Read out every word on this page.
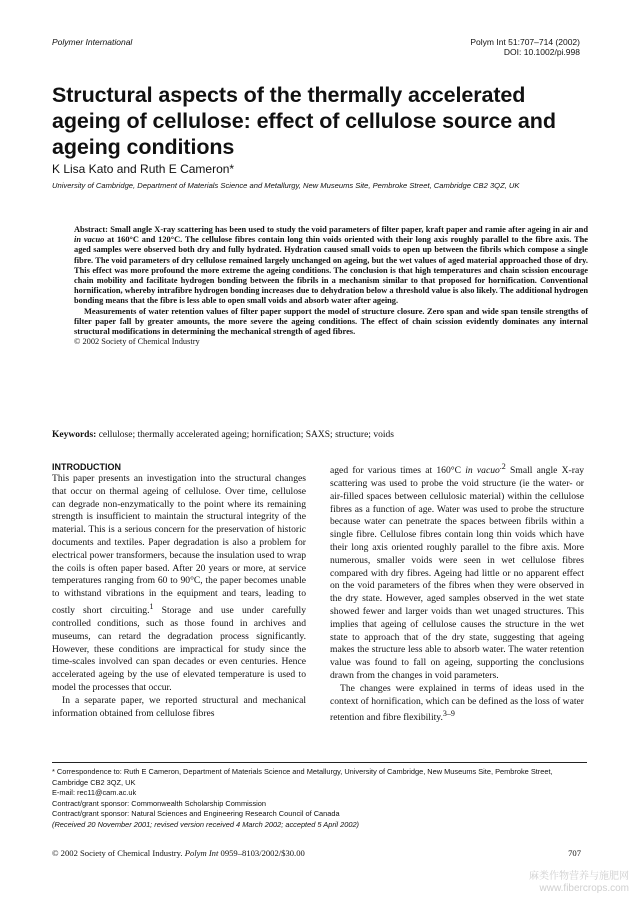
Polymer International	Polym Int 51:707–714 (2002)
DOI: 10.1002/pi.998
Structural aspects of the thermally accelerated ageing of cellulose: effect of cellulose source and ageing conditions
K Lisa Kato and Ruth E Cameron*
University of Cambridge, Department of Materials Science and Metallurgy, New Museums Site, Pembroke Street, Cambridge CB2 3QZ, UK

Abstract: Small angle X-ray scattering has been used to study the void parameters of filter paper, kraft paper and ramie after ageing in air and in vacuo at 160°C and 120°C. The cellulose fibres contain long thin voids oriented with their long axis roughly parallel to the fibre axis. The aged samples were observed both dry and fully hydrated. Hydration caused small voids to open up between the fibrils which compose a single fibre. The void parameters of dry cellulose remained largely unchanged on ageing, but the wet values of aged material approached those of dry. This effect was more profound the more extreme the ageing conditions. The conclusion is that high temperatures and chain scission encourage chain mobility and facilitate hydrogen bonding between the fibrils in a mechanism similar to that proposed for hornification. Conventional hornification, whereby intrafibre hydrogen bonding increases due to dehydration below a threshold value is also likely. The additional hydrogen bonding means that the fibre is less able to open small voids and absorb water after ageing.

Measurements of water retention values of filter paper support the model of structure closure. Zero span and wide span tensile strengths of filter paper fall by greater amounts, the more severe the ageing conditions. The effect of chain scission evidently dominates any internal structural modifications in determining the mechanical strength of aged fibres.

© 2002 Society of Chemical Industry

Keywords: cellulose; thermally accelerated ageing; hornification; SAXS; structure; voids
INTRODUCTION

This paper presents an investigation into the structural changes that occur on thermal ageing of cellulose. Over time, cellulose can degrade non-enzymatically to the point where its remaining strength is insufficient to maintain the structural integrity of the material. This is a serious concern for the preservation of historic documents and textiles. Paper degradation is also a problem for electrical power transformers, because the insulation used to wrap the coils is often paper based. After 20 years or more, at service temperatures ranging from 60 to 90°C, the paper becomes unable to withstand vibrations in the equipment and tears, leading to costly short circuiting.$^1$ Storage and use under carefully controlled conditions, such as those found in archives and museums, can retard the degradation process significantly. However, these conditions are impractical for study since the time-scales involved can span decades or even centuries. Hence accelerated ageing by the use of elevated temperature is used to model the processes that occur.

In a separate paper, we reported structural and mechanical information obtained from cellulose fibres

aged for various times at 160°C in vacuo$^{.2}$ Small angle X-ray scattering was used to probe the void structure (ie the water- or air-filled spaces between cellulosic material) within the cellulose fibres as a function of age. Water was used to probe the structure because water can penetrate the spaces between fibrils within a single fibre. Cellulose fibres contain long thin voids which have their long axis oriented roughly parallel to the fibre axis. More numerous, smaller voids were seen in wet cellulose fibres compared with dry fibres. Ageing had little or no apparent effect on the void parameters of the fibres when they were observed in the dry state. However, aged samples observed in the wet state showed fewer and larger voids than wet unaged structures. This implies that ageing of cellulose causes the structure in the wet state to approach that of the dry state, suggesting that ageing makes the structure less able to absorb water. The water retention value was found to fall on ageing, supporting the conclusions drawn from the changes in void parameters.

The changes were explained in terms of ideas used in the context of hornification, which can be defined as the loss of water retention and fibre flexibility.$^{3-9}$

* Correspondence to: Ruth E Cameron, Department of Materials Science and Metallurgy, University of Cambridge, New Museums Site, Pembroke Street, Cambridge CB2 3QZ, UK
E-mail: rec11@cam.ac.uk
Contract/grant sponsor: Commonwealth Scholarship Commission
Contract/grant sponsor: Natural Sciences and Engineering Research Council of Canada
(Received 20 November 2001; revised version received 4 March 2002; accepted 5 April 2002)
© 2002 Society of Chemical Industry. Polym Int 0959–8103/2002/$30.00	707
麻类作物营养与施肥网
www.fibercrops.com
